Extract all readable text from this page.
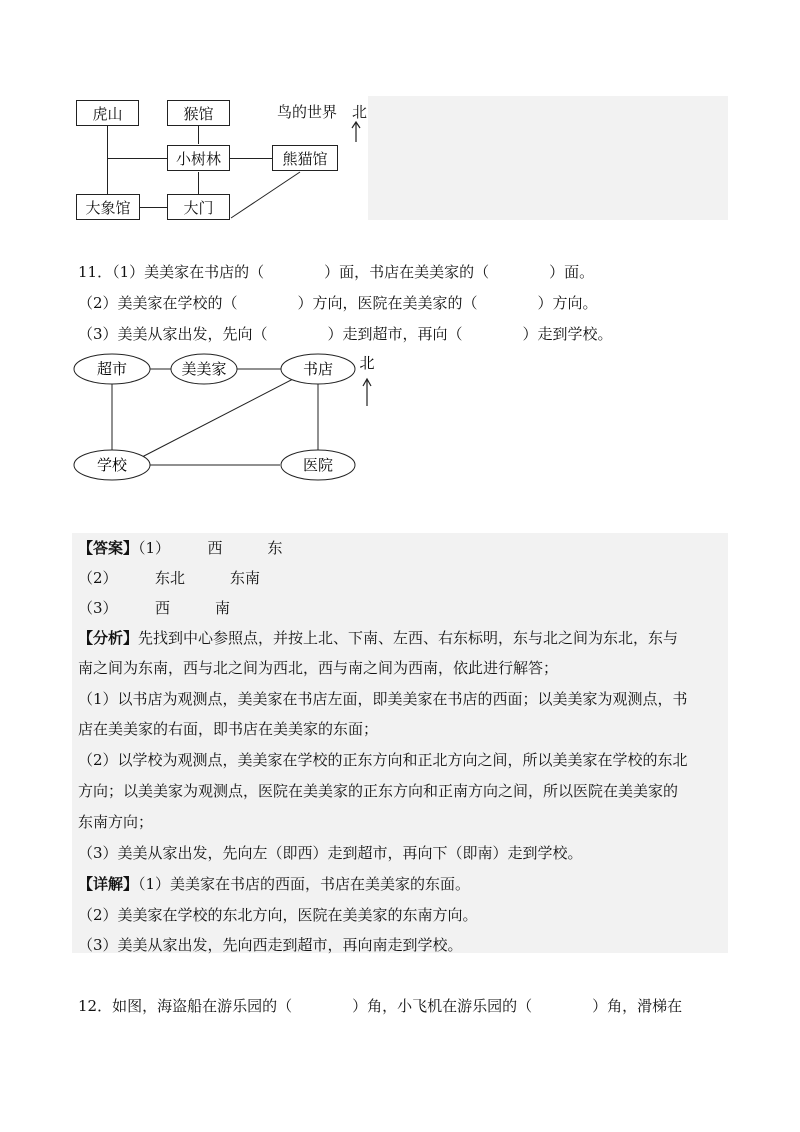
虎山	猴馆
小树林	熊猫馆
大象馆	大门
鸟的世界 北
11．（1）美美家在书店的（　　　　）面，书店在美美家的（　　　　）面。
（2）美美家在学校的（　　　　）方向，医院在美美家的（　　　　）方向。
（3）美美从家出发，先向（　　　　）走到超市，再向（　　　　）走到学校。
超市	美美家	书店
学校	医院
北
【答案】（1）　　　西　　　东
（2）　　　东北　　　东南
（3）　　　西　　　南
【分析】先找到中心参照点，并按上北、下南、左西、右东标明，东与北之间为东北，东与
南之间为东南，西与北之间为西北，西与南之间为西南，依此进行解答；
（1）以书店为观测点，美美家在书店左面，即美美家在书店的西面；以美美家为观测点，书
店在美美家的右面，即书店在美美家的东面；
（2）以学校为观测点，美美家在学校的正东方向和正北方向之间，所以美美家在学校的东北
方向；以美美家为观测点，医院在美美家的正东方向和正南方向之间，所以医院在美美家的
东南方向；
（3）美美从家出发，先向左（即西）走到超市，再向下（即南）走到学校。
【详解】（1）美美家在书店的西面，书店在美美家的东面。
（2）美美家在学校的东北方向，医院在美美家的东南方向。
（3）美美从家出发，先向西走到超市，再向南走到学校。
12．如图，海盗船在游乐园的（　　　　）角，小飞机在游乐园的（　　　　）角，滑梯在
